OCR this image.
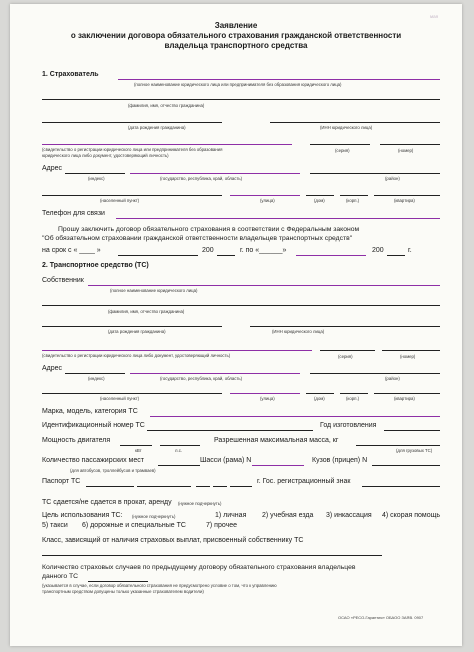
мая
Заявление
о заключении договора обязательного страхования гражданской ответственности
владельца транспортного средства
1. Страхователь
(полное наименование юридического лица или предпринимателя без образования юридического лица)
(фамилия, имя, отчество гражданина)
(дата рождения гражданина)	(ИНН юридического лица)
(свидетельство о регистрации юридического лица или предпринимателя без образования
юридического лица либо документ, удостоверяющий личность)
(серия)	(номер)
Адрес
(индекс)	(государство, республика, край, область)	(район)
(населенный пункт)	(улица)	(дом)	(корп.)	(квартира)
Телефон для связи
Прошу заключить договор обязательного страхования в соответствии с Федеральным законом
"Об обязательном страховании гражданской ответственности владельцев транспортных средств"
на срок с « ____ »	200	г. по «______»	200	г.
2. Транспортное средство (ТС)
Собственник
(полное наименование юридического лица)
(фамилия, имя, отчество гражданина)
(дата рождения гражданина)	(ИНН юридического лица)
(свидетельство о регистрации юридического лица либо документ, удостоверяющий личность)	(серия)	(номер)
Адрес
(индекс)	(государство, республика, край, область)	(район)
(населенный пункт)	(улица)	(дом)	(корп.)	(квартира)
Марка, модель, категория ТС
Идентификационный номер ТС	Год изготовления
Мощность двигателя	Разрешенная максимальная масса, кг
кВт	л.с.	(для грузовых ТС)
Количество пассажирских мест	Шасси (рама) N	Кузов (прицеп) N
(для автобусов, троллейбусов и трамваев)
Паспорт ТС	г. Гос. регистрационный знак
ТС сдается/не сдается в прокат, аренду (нужное подчеркнуть)
Цель использования ТС: (нужное подчеркнуть)	1) личная 2) учебная езда 3) инкассация 4) скорая помощь
5) такси 6) дорожные и специальные ТС	7) прочее
Класс, зависящий от наличия страховых выплат, присвоенный собственнику ТС
Количество страховых случаев по предыдущему договору обязательного страхования владельцев
данного ТС
(указывается в случае, если договор обязательного страхования не предусмотрено условие о том, что к управлению
транспортным средством допущены только указанные страхователем водители)
ОСАО «РЕСО-Гарантия» ОБАОО ЗАЯВ. 0907
